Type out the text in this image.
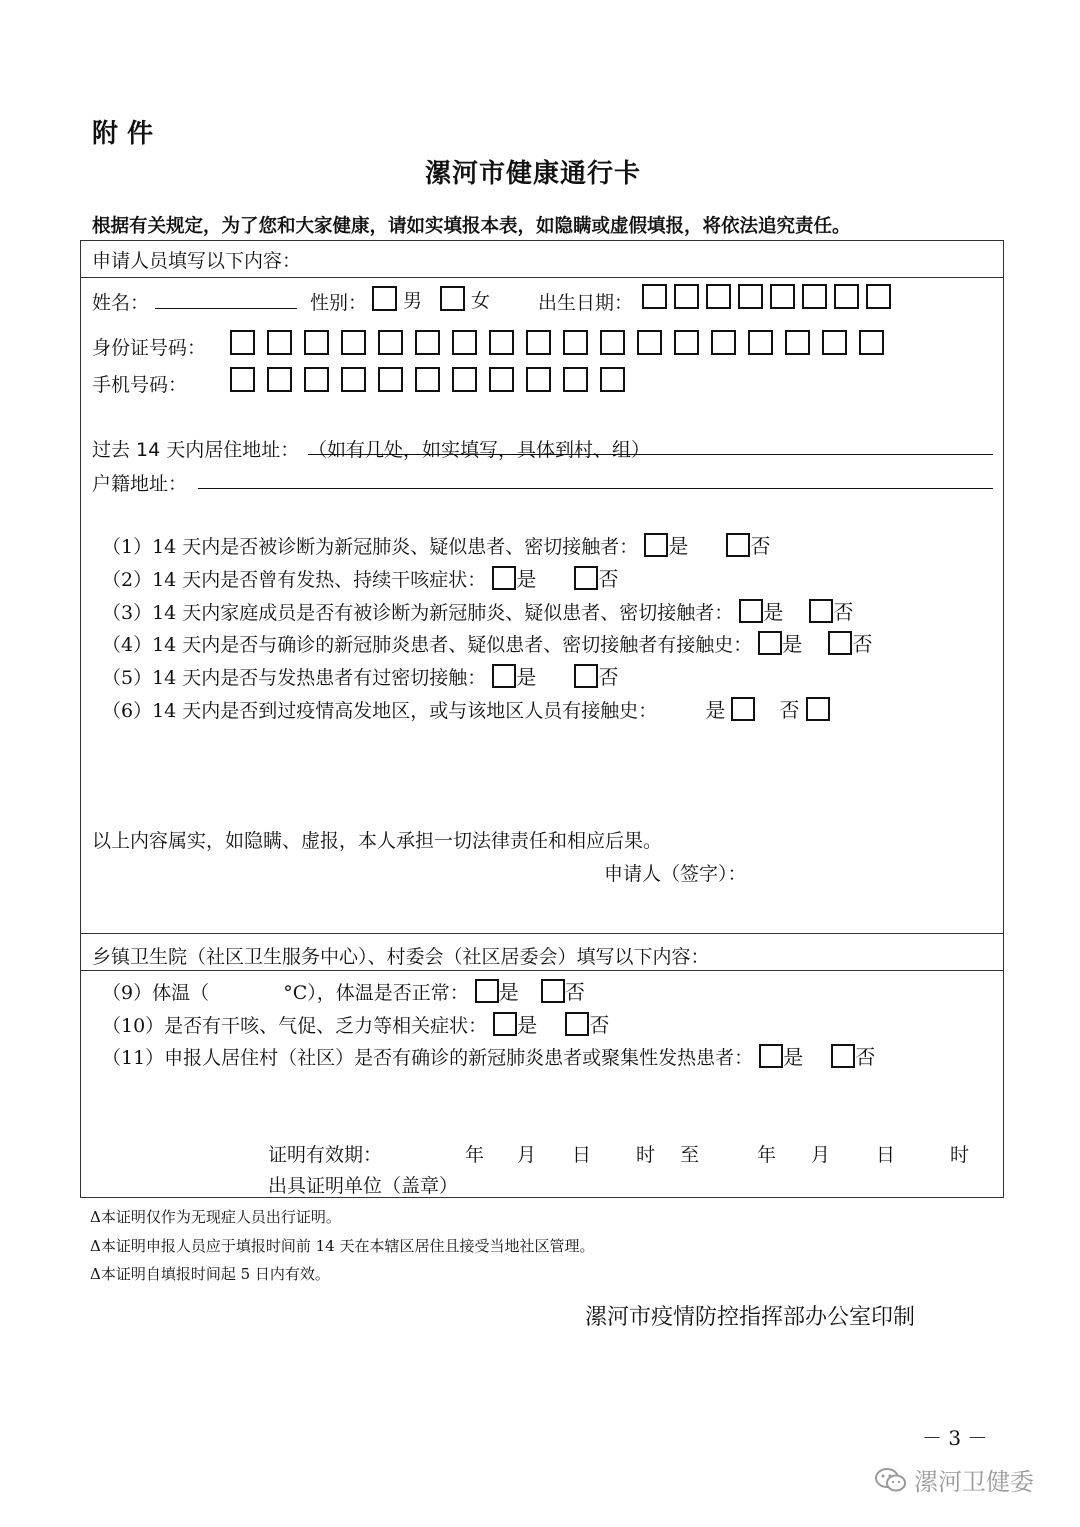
附 件
漯河市健康通行卡
根据有关规定，为了您和大家健康，请如实填报本表，如隐瞒或虚假填报，将依法追究责任。
申请人员填写以下内容：
姓名：	性别：	男	女	出生日期：
身份证号码：
手机号码：
过去 14 天内居住地址： （如有几处，如实填写，具体到村、组）
户籍地址：
（1）14 天内是否被诊断为新冠肺炎、疑似患者、密切接触者： 是	否
（2）14 天内是否曾有发热、持续干咳症状： 是	否
（3）14 天内家庭成员是否有被诊断为新冠肺炎、疑似患者、密切接触者： 是	否
（4）14 天内是否与确诊的新冠肺炎患者、疑似患者、密切接触者有接触史： 是	否
（5）14 天内是否与发热患者有过密切接触： 是	否
（6）14 天内是否到过疫情高发地区，或与该地区人员有接触史： 是	否
以上内容属实，如隐瞒、虚报，本人承担一切法律责任和相应后果。
申请人（签字）：
乡镇卫生院（社区卫生服务中心）、村委会（社区居委会）填写以下内容：
（9）体温（	°C），体温是否正常： 是 否
（10）是否有干咳、气促、乏力等相关症状： 是	否
（11）申报人居住村（社区）是否有确诊的新冠肺炎患者或聚集性发热患者： 是	否
证明有效期：	年 月 日 时 至	年 月 日	时
出具证明单位（盖章）
Δ本证明仅作为无现症人员出行证明。
Δ本证明申报人员应于填报时间前 14 天在本辖区居住且接受当地社区管理。
Δ本证明自填报时间起 5 日内有效。
漯河市疫情防控指挥部办公室印制
－ 3 －
漯河卫健委
